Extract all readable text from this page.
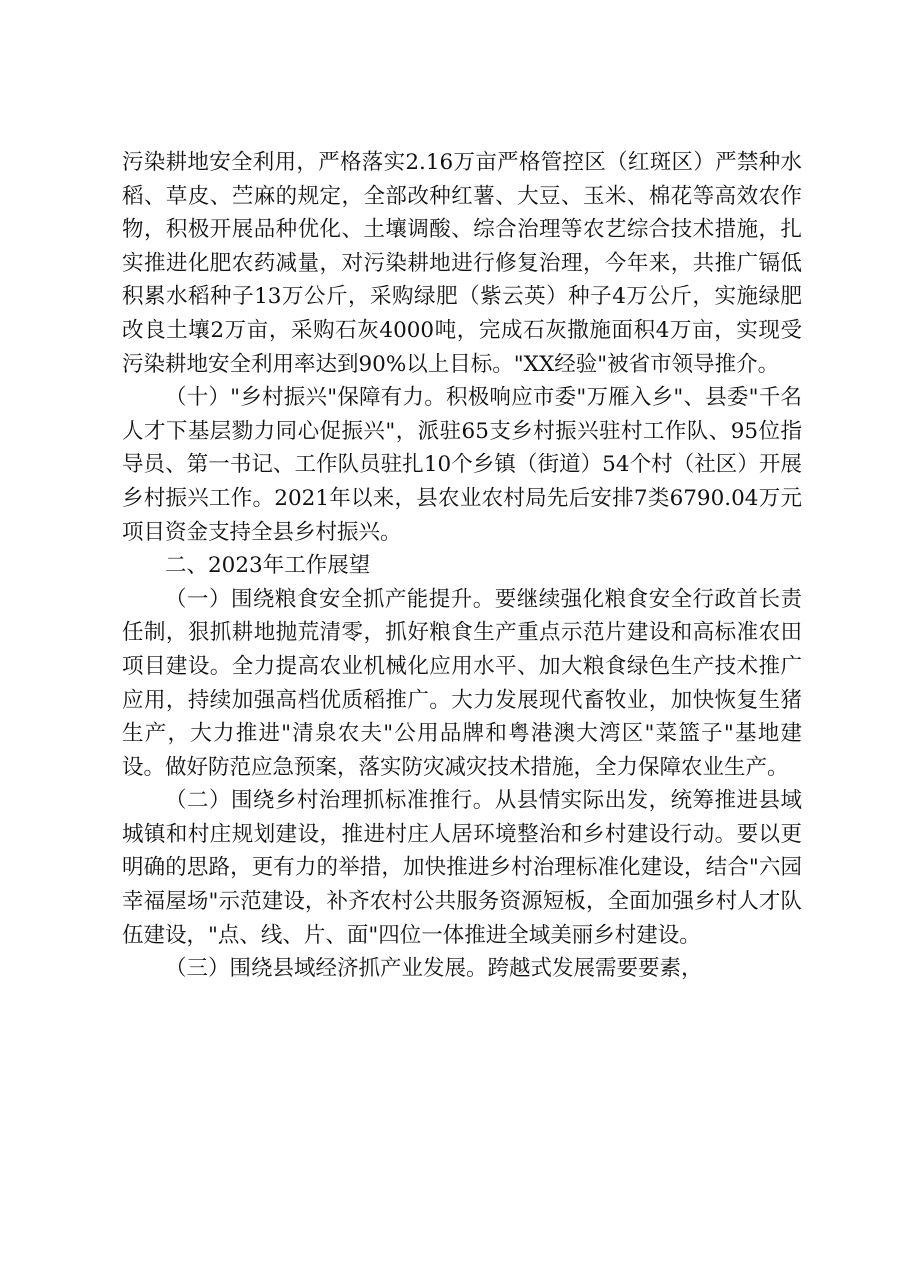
污染耕地安全利用，严格落实2.16万亩严格管控区（红斑区）严禁种水稻、草皮、苎麻的规定，全部改种红薯、大豆、玉米、棉花等高效农作物，积极开展品种优化、土壤调酸、综合治理等农艺综合技术措施，扎实推进化肥农药减量，对污染耕地进行修复治理，今年来，共推广镉低积累水稻种子13万公斤，采购绿肥（紫云英）种子4万公斤，实施绿肥改良土壤2万亩，采购石灰4000吨，完成石灰撒施面积4万亩，实现受污染耕地安全利用率达到90%以上目标。"XX经验"被省市领导推介。

（十）"乡村振兴"保障有力。积极响应市委"万雁入乡"、县委"千名人才下基层勠力同心促振兴"，派驻65支乡村振兴驻村工作队、95位指导员、第一书记、工作队员驻扎10个乡镇（街道）54个村（社区）开展乡村振兴工作。2021年以来，县农业农村局先后安排7类6790.04万元项目资金支持全县乡村振兴。

二、2023年工作展望

（一）围绕粮食安全抓产能提升。要继续强化粮食安全行政首长责任制，狠抓耕地抛荒清零，抓好粮食生产重点示范片建设和高标准农田项目建设。全力提高农业机械化应用水平、加大粮食绿色生产技术推广应用，持续加强高档优质稻推广。大力发展现代畜牧业，加快恢复生猪生产，大力推进"清泉农夫"公用品牌和粤港澳大湾区"菜篮子"基地建设。做好防范应急预案，落实防灾减灾技术措施，全力保障农业生产。

（二）围绕乡村治理抓标准推行。从县情实际出发，统筹推进县域城镇和村庄规划建设，推进村庄人居环境整治和乡村建设行动。要以更明确的思路，更有力的举措，加快推进乡村治理标准化建设，结合"六园幸福屋场"示范建设，补齐农村公共服务资源短板，全面加强乡村人才队伍建设，"点、线、片、面"四位一体推进全域美丽乡村建设。

（三）围绕县域经济抓产业发展。跨越式发展需要要素，
